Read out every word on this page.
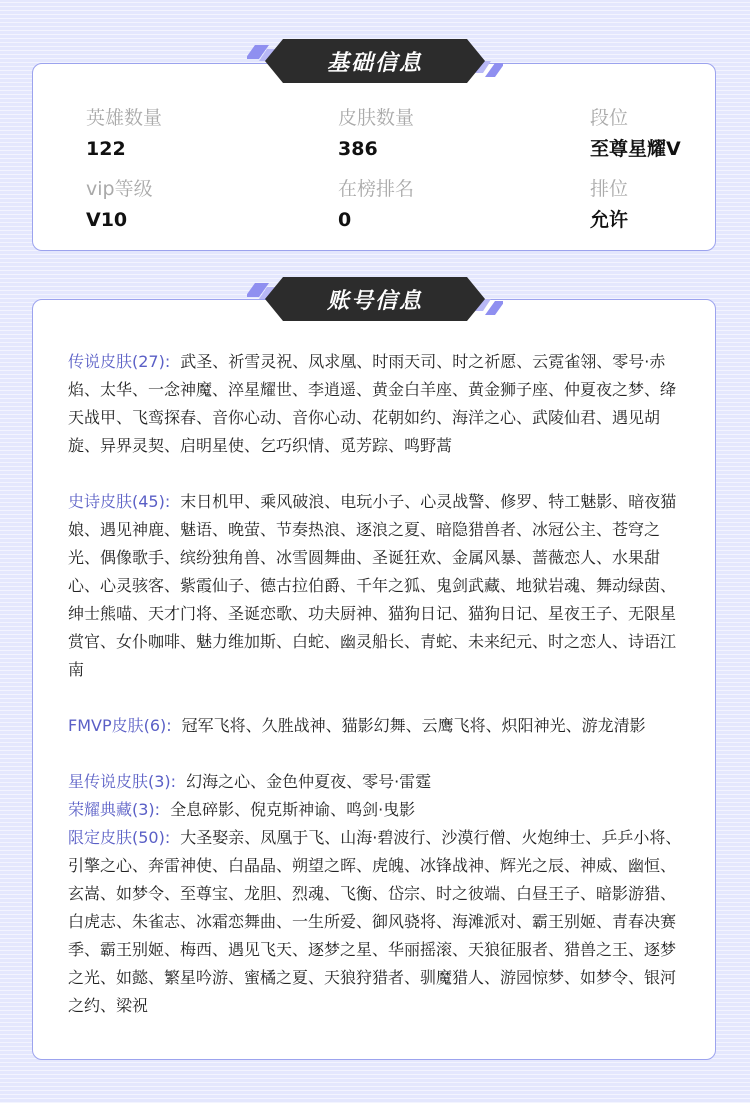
英雄数量
122
皮肤数量
386
段位
至尊星耀V
vip等级
V10
在榜排名
0
排位
允许
基础信息
传说皮肤(27): 武圣、祈雪灵祝、凤求凰、时雨天司、时之祈愿、云霓雀翎、零号·赤焰、太华、一念神魔、淬星耀世、李逍遥、黄金白羊座、黄金狮子座、仲夏夜之梦、绛天战甲、飞鸾探春、音你心动、音你心动、花朝如约、海洋之心、武陵仙君、遇见胡旋、异界灵契、启明星使、乞巧织情、觅芳踪、鸣野蒿
史诗皮肤(45): 末日机甲、乘风破浪、电玩小子、心灵战警、修罗、特工魅影、暗夜猫娘、遇见神鹿、魅语、晚萤、节奏热浪、逐浪之夏、暗隐猎兽者、冰冠公主、苍穹之光、偶像歌手、缤纷独角兽、冰雪圆舞曲、圣诞狂欢、金属风暴、蔷薇恋人、水果甜心、心灵骇客、紫霞仙子、德古拉伯爵、千年之狐、鬼剑武藏、地狱岩魂、舞动绿茵、绅士熊喵、天才门将、圣诞恋歌、功夫厨神、猫狗日记、猫狗日记、星夜王子、无限星赏官、女仆咖啡、魅力维加斯、白蛇、幽灵船长、青蛇、未来纪元、时之恋人、诗语江南
FMVP皮肤(6): 冠军飞将、久胜战神、猫影幻舞、云鹰飞将、炽阳神光、游龙清影
星传说皮肤(3): 幻海之心、金色仲夏夜、零号·雷霆
荣耀典藏(3): 全息碎影、倪克斯神谕、鸣剑·曳影
限定皮肤(50): 大圣娶亲、凤凰于飞、山海·碧波行、沙漠行僧、火炮绅士、乒乒小将、引擎之心、奔雷神使、白晶晶、朔望之晖、虎魄、冰锋战神、辉光之辰、神威、幽恒、玄嵩、如梦令、至尊宝、龙胆、烈魂、飞衡、岱宗、时之彼端、白昼王子、暗影游猎、白虎志、朱雀志、冰霜恋舞曲、一生所爱、御风骁将、海滩派对、霸王别姬、青春决赛季、霸王别姬、梅西、遇见飞天、逐梦之星、华丽摇滚、天狼征服者、猎兽之王、逐梦之光、如懿、繁星吟游、蜜橘之夏、天狼狩猎者、驯魔猎人、游园惊梦、如梦令、银河之约、梁祝
账号信息
